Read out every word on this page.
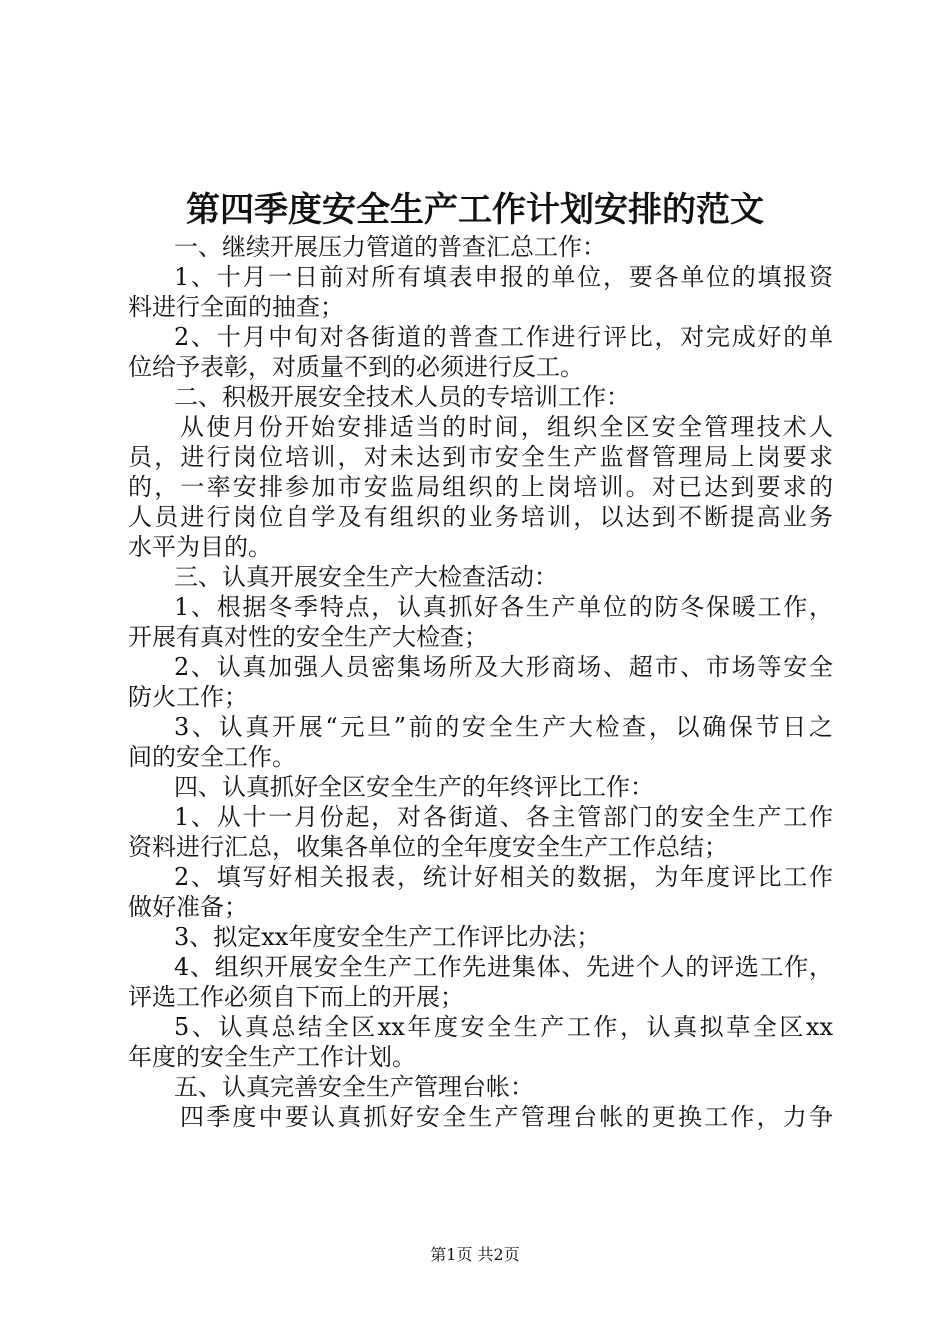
第四季度安全生产工作计划安排的范文
一、继续开展压力管道的普查汇总工作：
1、十月一日前对所有填表申报的单位，要各单位的填报资
料进行全面的抽查；
2、十月中旬对各街道的普查工作进行评比，对完成好的单
位给予表彰，对质量不到的必须进行反工。
二、积极开展安全技术人员的专培训工作：
从使月份开始安排适当的时间，组织全区安全管理技术人
员，进行岗位培训，对未达到市安全生产监督管理局上岗要求
的，一率安排参加市安监局组织的上岗培训。对已达到要求的
人员进行岗位自学及有组织的业务培训，以达到不断提高业务
水平为目的。
三、认真开展安全生产大检查活动：
1、根据冬季特点，认真抓好各生产单位的防冬保暖工作，
开展有真对性的安全生产大检查；
2、认真加强人员密集场所及大形商场、超市、市场等安全
防火工作；
3、认真开展“元旦”前的安全生产大检查，以确保节日之
间的安全工作。
四、认真抓好全区安全生产的年终评比工作：
1、从十一月份起，对各街道、各主管部门的安全生产工作
资料进行汇总，收集各单位的全年度安全生产工作总结；
2、填写好相关报表，统计好相关的数据，为年度评比工作
做好准备；
3、拟定xx年度安全生产工作评比办法；
4、组织开展安全生产工作先进集体、先进个人的评选工作，
评选工作必须自下而上的开展；
5、认真总结全区xx年度安全生产工作，认真拟草全区xx
年度的安全生产工作计划。
五、认真完善安全生产管理台帐：
四季度中要认真抓好安全生产管理台帐的更换工作，力争
第1页 共2页
